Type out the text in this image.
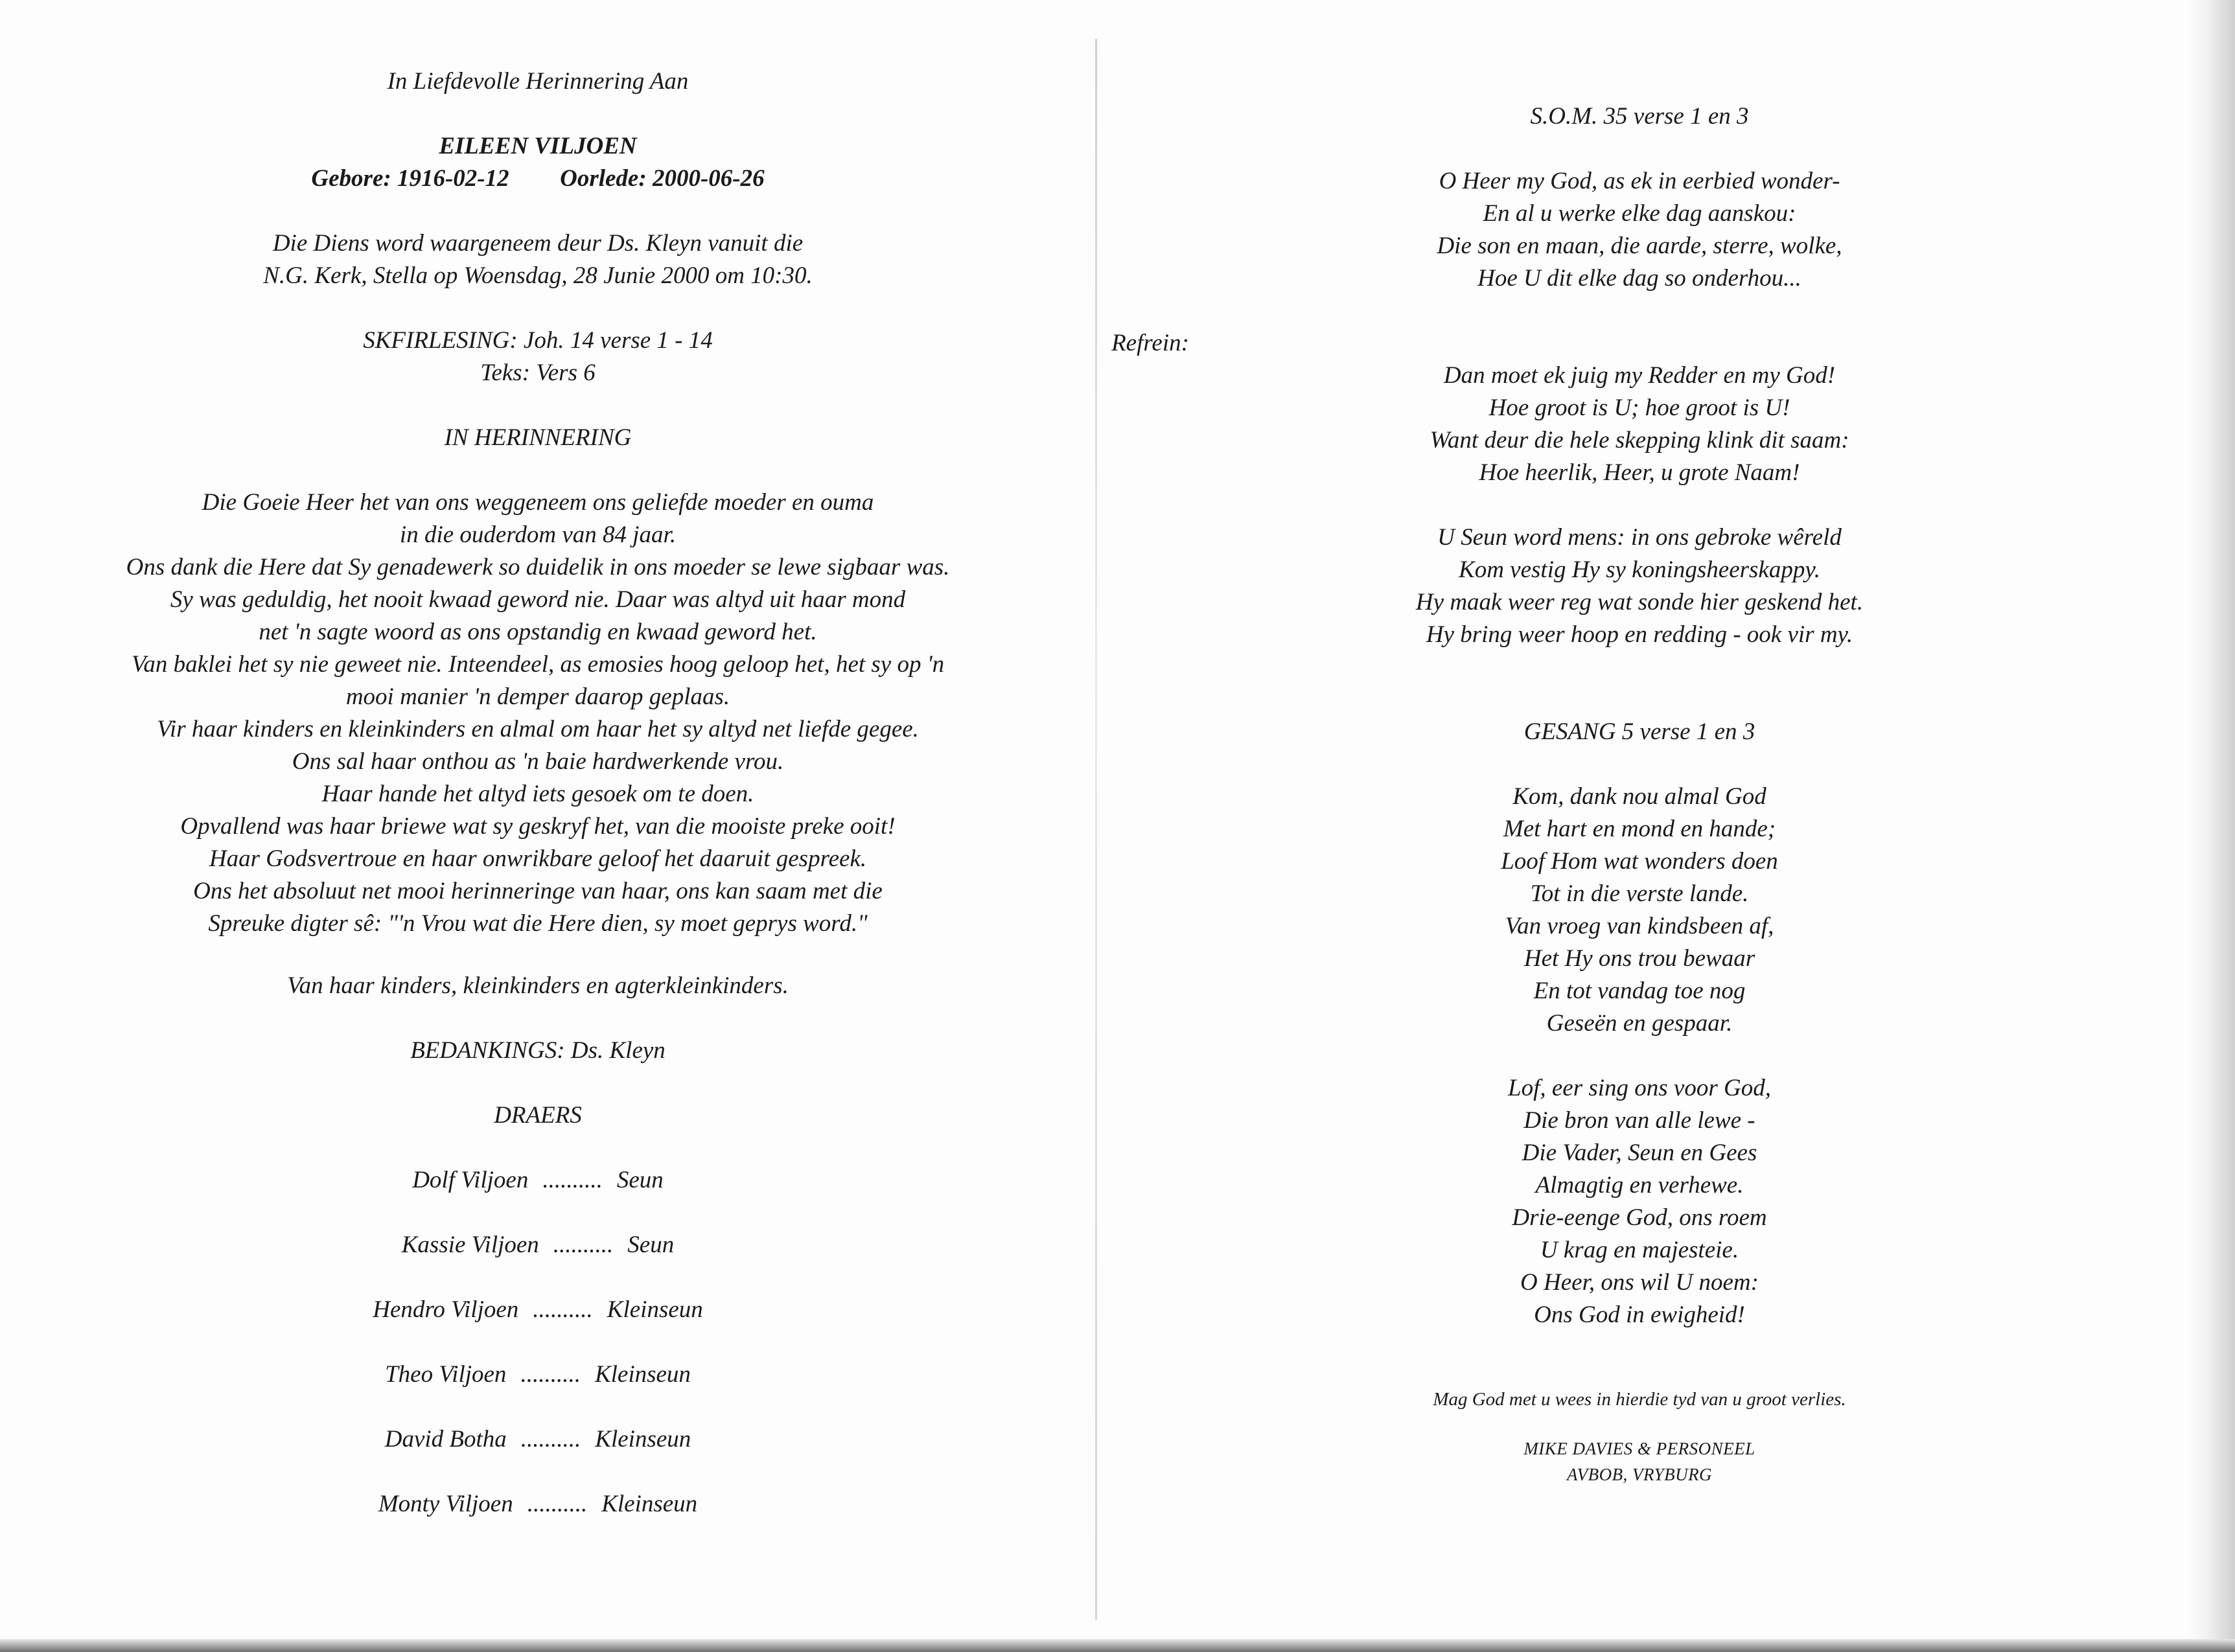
In Liefdevolle Herinnering Aan
EILEEN VILJOEN
Gebore: 1916-02-12 Oorlede: 2000-06-26
Die Diens word waargeneem deur Ds. Kleyn vanuit die
N.G. Kerk, Stella op Woensdag, 28 Junie 2000 om 10:30.
SKFIRLESING: Joh. 14 verse 1 - 14
Teks: Vers 6
IN HERINNERING
Die Goeie Heer het van ons weggeneem ons geliefde moeder en ouma
in die ouderdom van 84 jaar.
Ons dank die Here dat Sy genadewerk so duidelik in ons moeder se lewe sigbaar was.
Sy was geduldig, het nooit kwaad geword nie. Daar was altyd uit haar mond
net 'n sagte woord as ons opstandig en kwaad geword het.
Van baklei het sy nie geweet nie. Inteendeel, as emosies hoog geloop het, het sy op 'n
mooi manier 'n demper daarop geplaas.
Vir haar kinders en kleinkinders en almal om haar het sy altyd net liefde gegee.
Ons sal haar onthou as 'n baie hardwerkende vrou.
Haar hande het altyd iets gesoek om te doen.
Opvallend was haar briewe wat sy geskryf het, van die mooiste preke ooit!
Haar Godsvertroue en haar onwrikbare geloof het daaruit gespreek.
Ons het absoluut net mooi herinneringe van haar, ons kan saam met die
Spreuke digter sê: "'n Vrou wat die Here dien, sy moet geprys word."
Van haar kinders, kleinkinders en agterkleinkinders.
BEDANKINGS: Ds. Kleyn
DRAERS
Dolf Viljoen .......... Seun
Kassie Viljoen .......... Seun
Hendro Viljoen .......... Kleinseun
Theo Viljoen .......... Kleinseun
David Botha .......... Kleinseun
Monty Viljoen .......... Kleinseun
S.O.M. 35 verse 1 en 3
O Heer my God, as ek in eerbied wonder-
En al u werke elke dag aanskou:
Die son en maan, die aarde, sterre, wolke,
Hoe U dit elke dag so onderhou...
Refrein:
Dan moet ek juig my Redder en my God!
Hoe groot is U; hoe groot is U!
Want deur die hele skepping klink dit saam:
Hoe heerlik, Heer, u grote Naam!
U Seun word mens: in ons gebroke wêreld
Kom vestig Hy sy koningsheerskappy.
Hy maak weer reg wat sonde hier geskend het.
Hy bring weer hoop en redding - ook vir my.
GESANG 5 verse 1 en 3
Kom, dank nou almal God
Met hart en mond en hande;
Loof Hom wat wonders doen
Tot in die verste lande.
Van vroeg van kindsbeen af,
Het Hy ons trou bewaar
En tot vandag toe nog
Geseën en gespaar.
Lof, eer sing ons voor God,
Die bron van alle lewe -
Die Vader, Seun en Gees
Almagtig en verhewe.
Drie-eenge God, ons roem
U krag en majesteie.
O Heer, ons wil U noem:
Ons God in ewigheid!
Mag God met u wees in hierdie tyd van u groot verlies.
MIKE DAVIES & PERSONEEL
AVBOB, VRYBURG
